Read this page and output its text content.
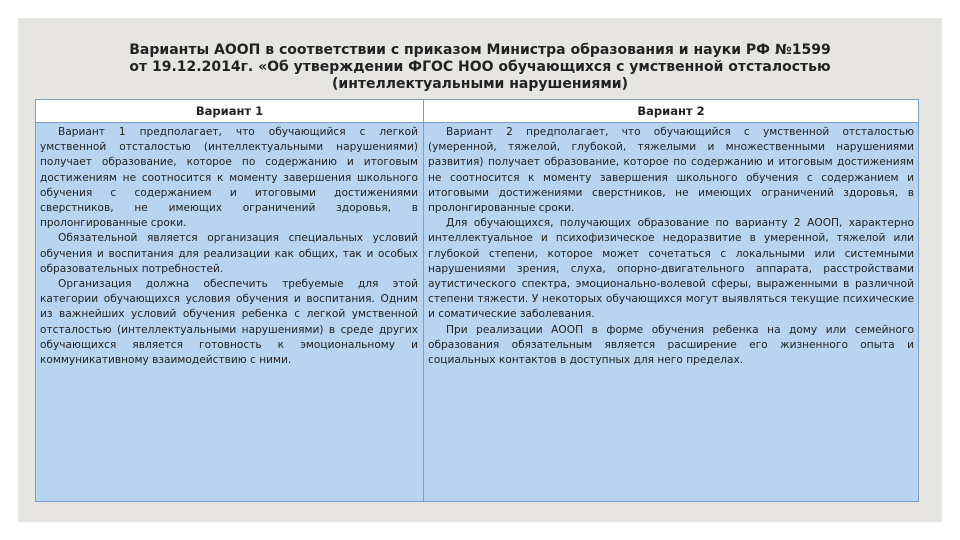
Варианты АООП в соответствии с приказом Министра образования и науки РФ №1599
от 19.12.2014г. «Об утверждении ФГОС НОО обучающихся с умственной отсталостью
(интеллектуальными нарушениями)
Вариант 1	Вариант 2

Вариант 1 предполагает, что обучающийся с легкой умственной отсталостью (интеллектуальными нарушениями) получает образование, которое по содержанию и итоговым достижениям не соотносится к моменту завершения школьного обучения с содержанием и итоговыми достижениями сверстников, не имеющих ограничений здоровья, в пролонгированные сроки.

Обязательной является организация специальных условий обучения и воспитания для реализации как общих, так и особых образовательных потребностей.

Организация должна обеспечить требуемые для этой категории обучающихся условия обучения и воспитания. Одним из важнейших условий обучения ребенка с легкой умственной отсталостью (интеллектуальными нарушениями) в среде других обучающихся является готовность к эмоциональному и коммуникативному взаимодействию с ними.

Вариант 2 предполагает, что обучающийся с умственной отсталостью (умеренной, тяжелой, глубокой, тяжелыми и множественными нарушениями развития) получает образование, которое по содержанию и итоговым достижениям не соотносится к моменту завершения школьного обучения с содержанием и итоговыми достижениями сверстников, не имеющих ограничений здоровья, в пролонгированные сроки.

Для обучающихся, получающих образование по варианту 2 АООП, характерно интеллектуальное и психофизическое недоразвитие в умеренной, тяжелой или глубокой степени, которое может сочетаться с локальными или системными нарушениями зрения, слуха, опорно-двигательного аппарата, расстройствами аутистического спектра, эмоционально-волевой сферы, выраженными в различной степени тяжести. У некоторых обучающихся могут выявляться текущие психические и соматические заболевания.

При реализации АООП в форме обучения ребенка на дому или семейного образования обязательным является расширение его жизненного опыта и социальных контактов в доступных для него пределах.
